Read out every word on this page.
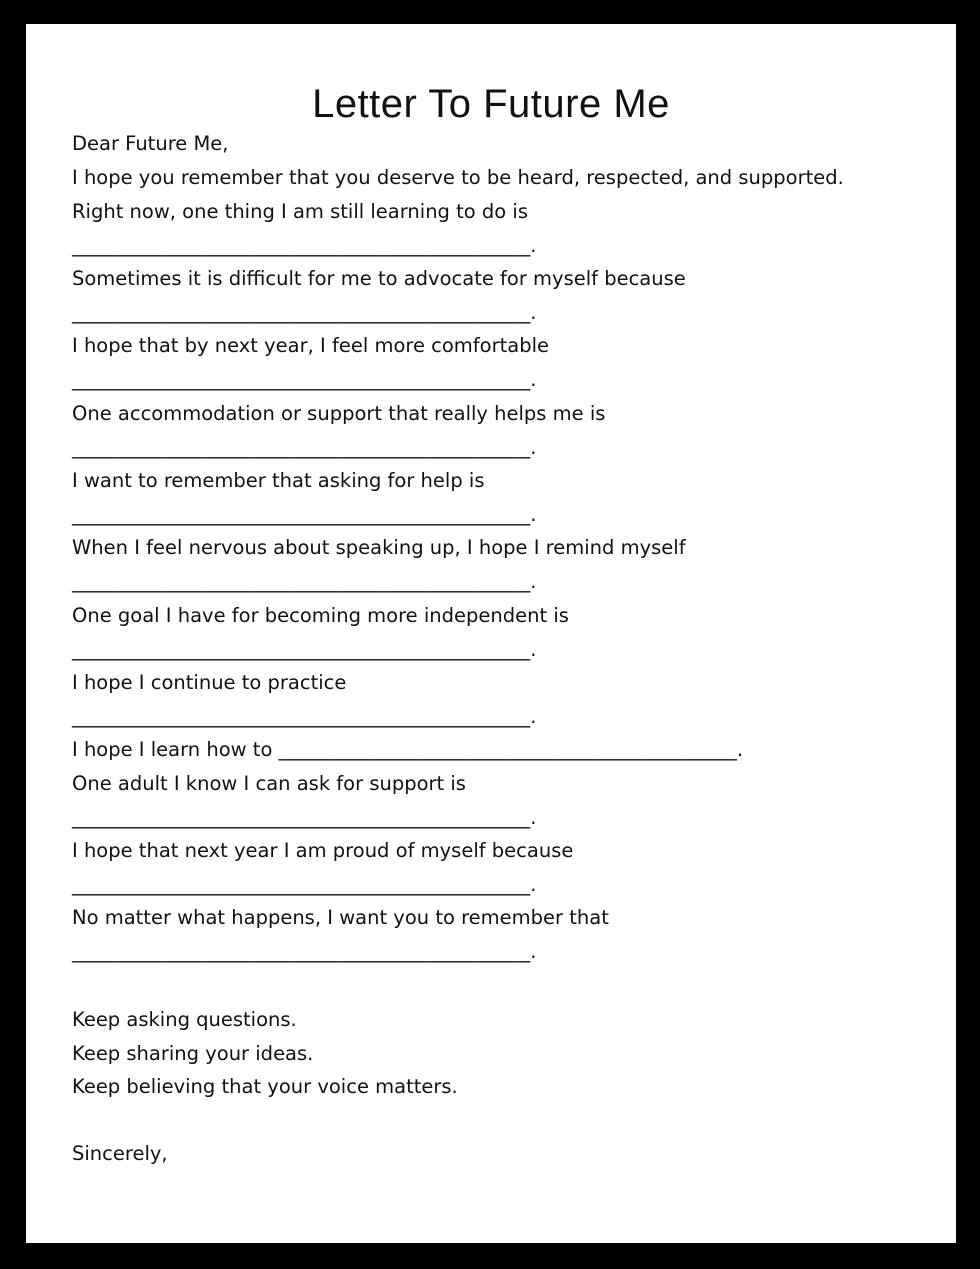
Letter To Future Me

Dear Future Me,

I hope you remember that you deserve to be heard, respected, and supported.

Right now, one thing I am still learning to do is

_______________________________________________.

Sometimes it is difficult for me to advocate for myself because

_______________________________________________.

I hope that by next year, I feel more comfortable

_______________________________________________.

One accommodation or support that really helps me is

_______________________________________________.

I want to remember that asking for help is

_______________________________________________.

When I feel nervous about speaking up, I hope I remind myself

_______________________________________________.

One goal I have for becoming more independent is

_______________________________________________.

I hope I continue to practice

_______________________________________________.

I hope I learn how to _______________________________________________.

One adult I know I can ask for support is

_______________________________________________.

I hope that next year I am proud of myself because

_______________________________________________.

No matter what happens, I want you to remember that

_______________________________________________.

Keep asking questions.

Keep sharing your ideas.

Keep believing that your voice matters.

Sincerely,
